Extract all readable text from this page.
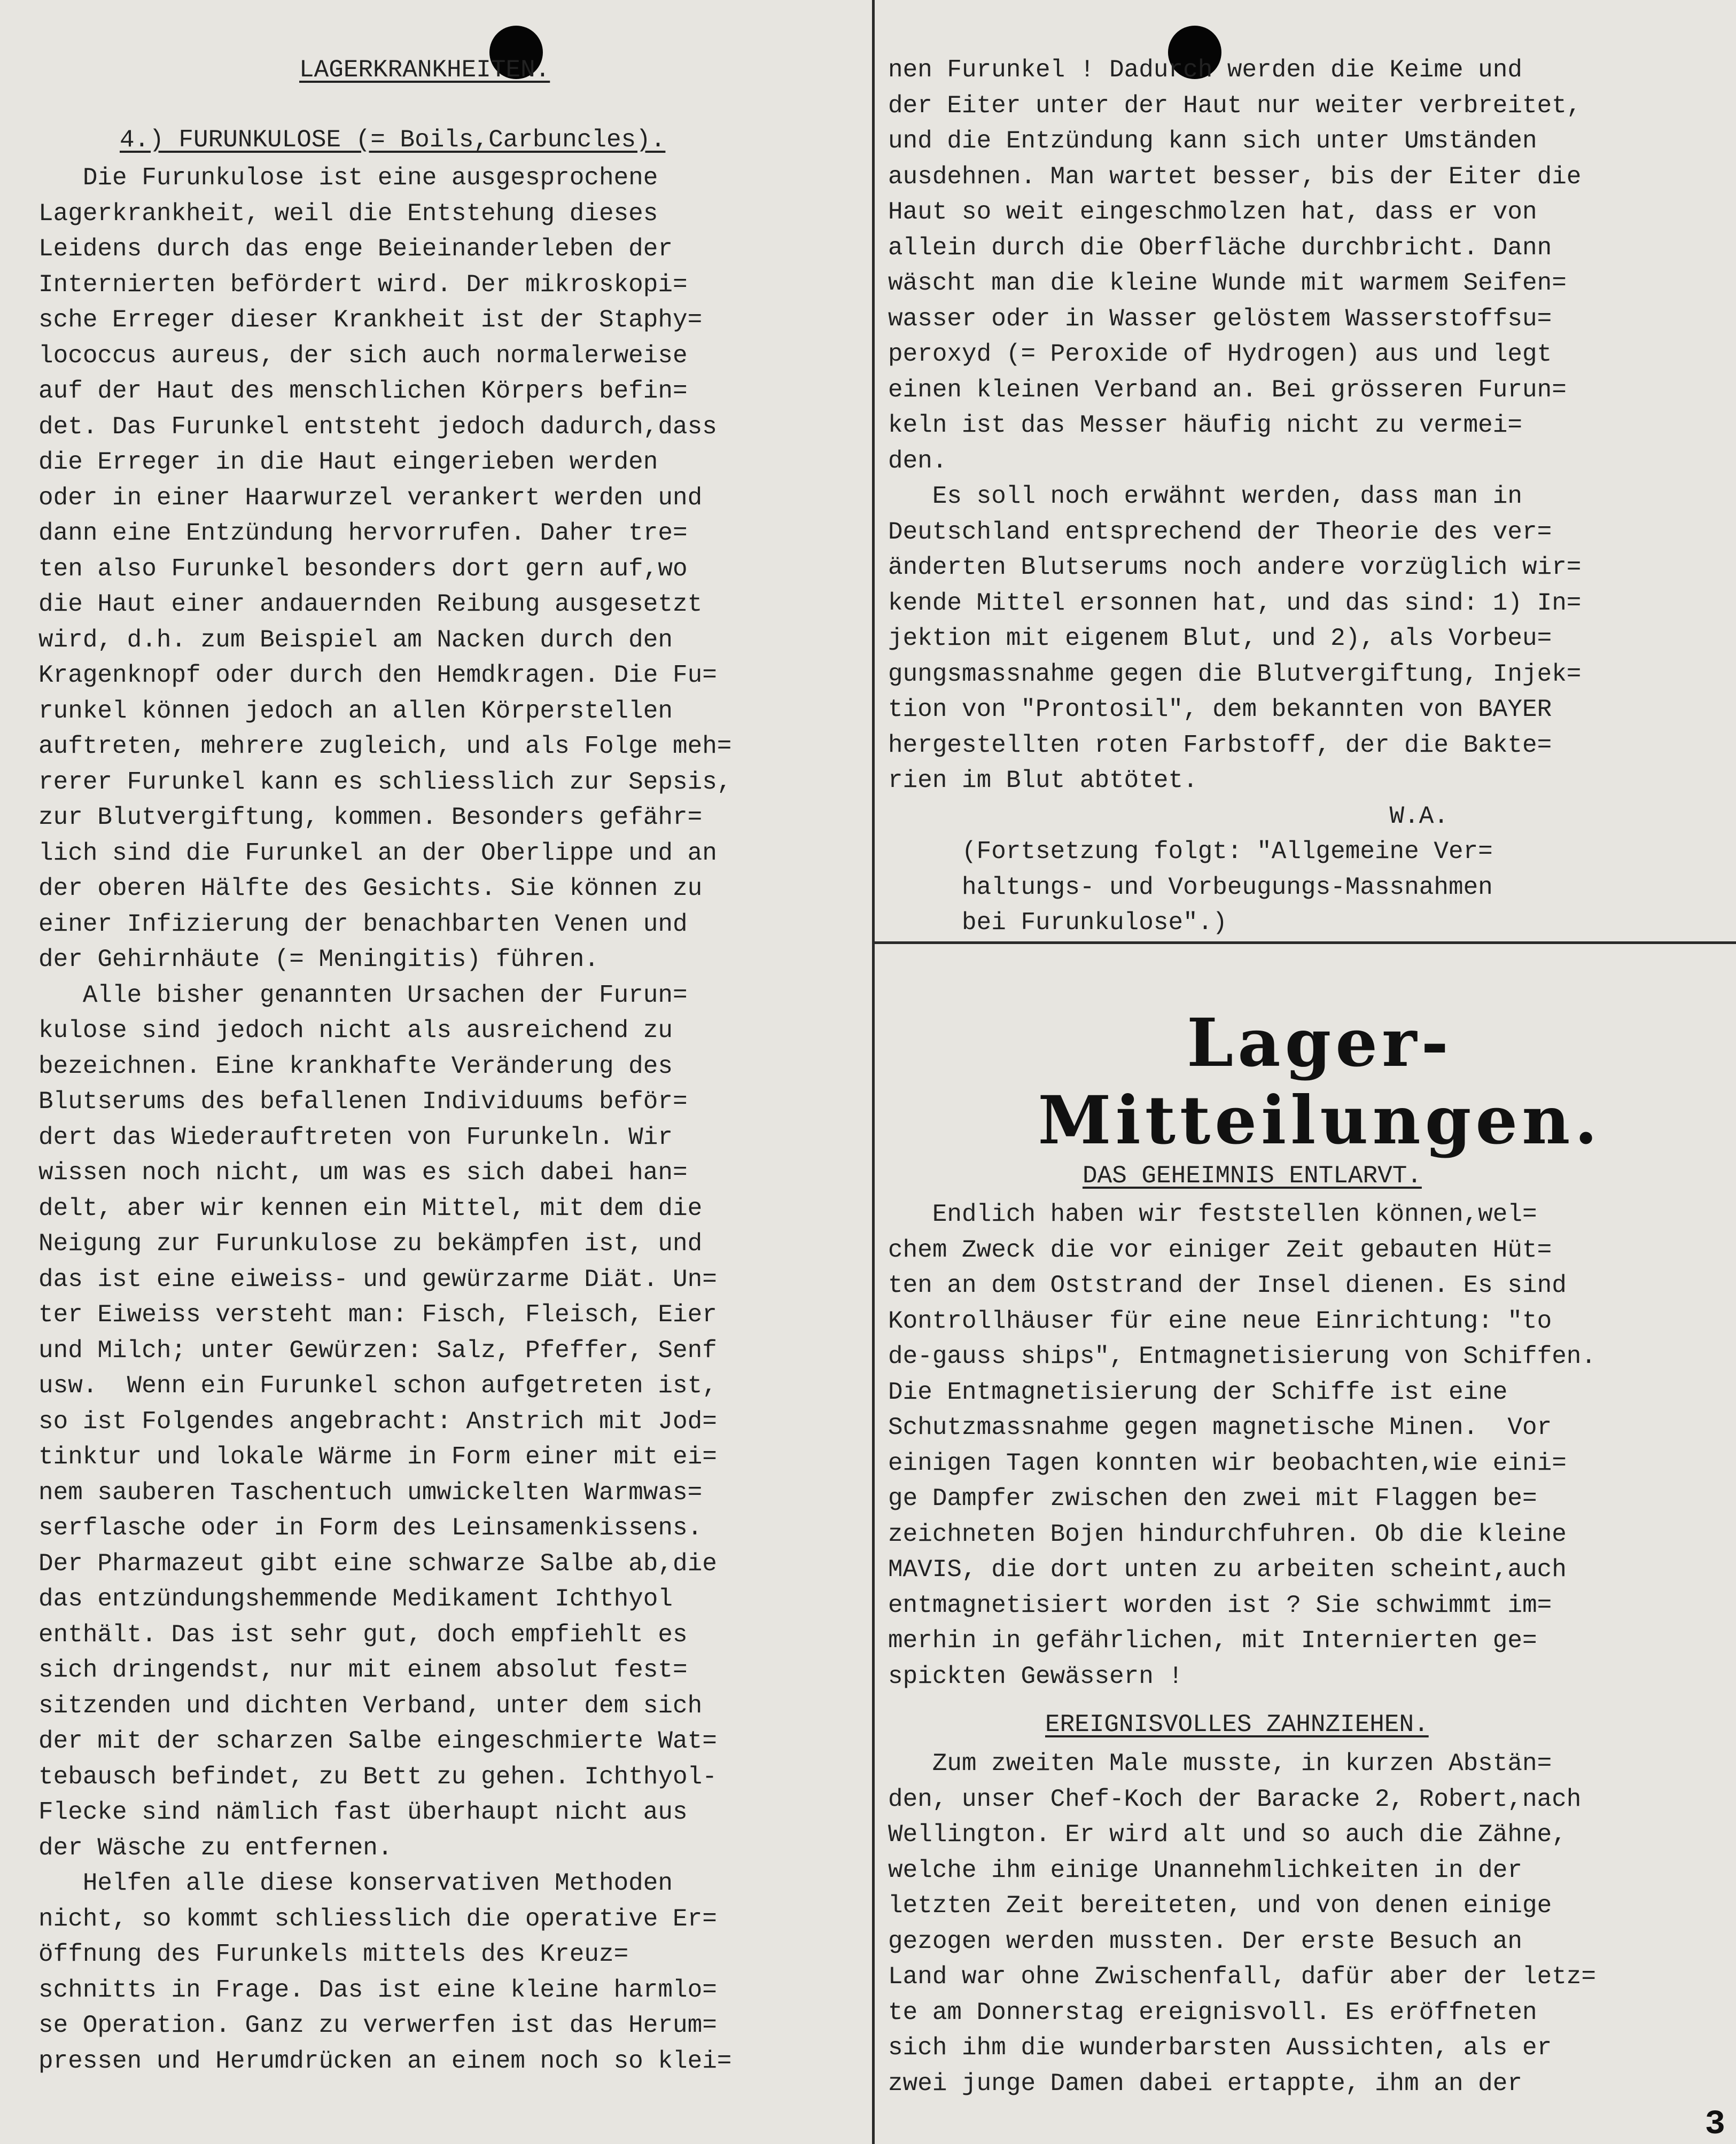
LAGERKRANKHEITEN.
4.) FURUNKULOSE (= Boils,Carbuncles).

Die Furunkulose ist eine ausgesprochene

Lagerkrankheit, weil die Entstehung dieses

Leidens durch das enge Beieinanderleben der

Internierten befördert wird. Der mikroskopi=

sche Erreger dieser Krankheit ist der Staphy=

lococcus aureus, der sich auch normalerweise

auf der Haut des menschlichen Körpers befin=

det. Das Furunkel entsteht jedoch dadurch,dass

die Erreger in die Haut eingerieben werden

oder in einer Haarwurzel verankert werden und

dann eine Entzündung hervorrufen. Daher tre=

ten also Furunkel besonders dort gern auf,wo

die Haut einer andauernden Reibung ausgesetzt

wird, d.h. zum Beispiel am Nacken durch den

Kragenknopf oder durch den Hemdkragen. Die Fu=

runkel können jedoch an allen Körperstellen

auftreten, mehrere zugleich, und als Folge meh=

rerer Furunkel kann es schliesslich zur Sepsis,

zur Blutvergiftung, kommen. Besonders gefähr=

lich sind die Furunkel an der Oberlippe und an

der oberen Hälfte des Gesichts. Sie können zu

einer Infizierung der benachbarten Venen und

der Gehirnhäute (= Meningitis) führen.

Alle bisher genannten Ursachen der Furun=

kulose sind jedoch nicht als ausreichend zu

bezeichnen. Eine krankhafte Veränderung des

Blutserums des befallenen Individuums beför=

dert das Wiederauftreten von Furunkeln. Wir

wissen noch nicht, um was es sich dabei han=

delt, aber wir kennen ein Mittel, mit dem die

Neigung zur Furunkulose zu bekämpfen ist, und

das ist eine eiweiss- und gewürzarme Diät. Un=

ter Eiweiss versteht man: Fisch, Fleisch, Eier

und Milch; unter Gewürzen: Salz, Pfeffer, Senf

usw.  Wenn ein Furunkel schon aufgetreten ist,

so ist Folgendes angebracht: Anstrich mit Jod=

tinktur und lokale Wärme in Form einer mit ei=

nem sauberen Taschentuch umwickelten Warmwas=

serflasche oder in Form des Leinsamenkissens.

Der Pharmazeut gibt eine schwarze Salbe ab,die

das entzündungshemmende Medikament Ichthyol

enthält. Das ist sehr gut, doch empfiehlt es

sich dringendst, nur mit einem absolut fest=

sitzenden und dichten Verband, unter dem sich

der mit der scharzen Salbe eingeschmierte Wat=

tebausch befindet, zu Bett zu gehen. Ichthyol-

Flecke sind nämlich fast überhaupt nicht aus

der Wäsche zu entfernen.

Helfen alle diese konservativen Methoden

nicht, so kommt schliesslich die operative Er=

öffnung des Furunkels mittels des Kreuz=

schnitts in Frage. Das ist eine kleine harmlo=

se Operation. Ganz zu verwerfen ist das Herum=

pressen und Herumdrücken an einem noch so klei=

nen Furunkel ! Dadurch werden die Keime und

der Eiter unter der Haut nur weiter verbreitet,

und die Entzündung kann sich unter Umständen

ausdehnen. Man wartet besser, bis der Eiter die

Haut so weit eingeschmolzen hat, dass er von

allein durch die Oberfläche durchbricht. Dann

wäscht man die kleine Wunde mit warmem Seifen=

wasser oder in Wasser gelöstem Wasserstoffsu=

peroxyd (= Peroxide of Hydrogen) aus und legt

einen kleinen Verband an. Bei grösseren Furun=

keln ist das Messer häufig nicht zu vermei=

den.

Es soll noch erwähnt werden, dass man in

Deutschland entsprechend der Theorie des ver=

änderten Blutserums noch andere vorzüglich wir=

kende Mittel ersonnen hat, und das sind: 1) In=

jektion mit eigenem Blut, und 2), als Vorbeu=

gungsmassnahme gegen die Blutvergiftung, Injek=

tion von "Prontosil", dem bekannten von BAYER

hergestellten roten Farbstoff, der die Bakte=

rien im Blut abtötet.

W.A.

(Fortsetzung folgt: "Allgemeine Ver=

haltungs- und Vorbeugungs-Massnahmen

bei Furunkulose".)

Lager-Mitteilungen.
DAS GEHEIMNIS ENTLARVT.

Endlich haben wir feststellen können,wel=

chem Zweck die vor einiger Zeit gebauten Hüt=

ten an dem Oststrand der Insel dienen. Es sind

Kontrollhäuser für eine neue Einrichtung: "to

de-gauss ships", Entmagnetisierung von Schiffen.

Die Entmagnetisierung der Schiffe ist eine

Schutzmassnahme gegen magnetische Minen.  Vor

einigen Tagen konnten wir beobachten,wie eini=

ge Dampfer zwischen den zwei mit Flaggen be=

zeichneten Bojen hindurchfuhren. Ob die kleine

MAVIS, die dort unten zu arbeiten scheint,auch

entmagnetisiert worden ist ? Sie schwimmt im=

merhin in gefährlichen, mit Internierten ge=

spickten Gewässern !

EREIGNISVOLLES ZAHNZIEHEN.

Zum zweiten Male musste, in kurzen Abstän=

den, unser Chef-Koch der Baracke 2, Robert,nach

Wellington. Er wird alt und so auch die Zähne,

welche ihm einige Unannehmlichkeiten in der

letzten Zeit bereiteten, und von denen einige

gezogen werden mussten. Der erste Besuch an

Land war ohne Zwischenfall, dafür aber der letz=

te am Donnerstag ereignisvoll. Es eröffneten

sich ihm die wunderbarsten Aussichten, als er

zwei junge Damen dabei ertappte, ihm an der

3
